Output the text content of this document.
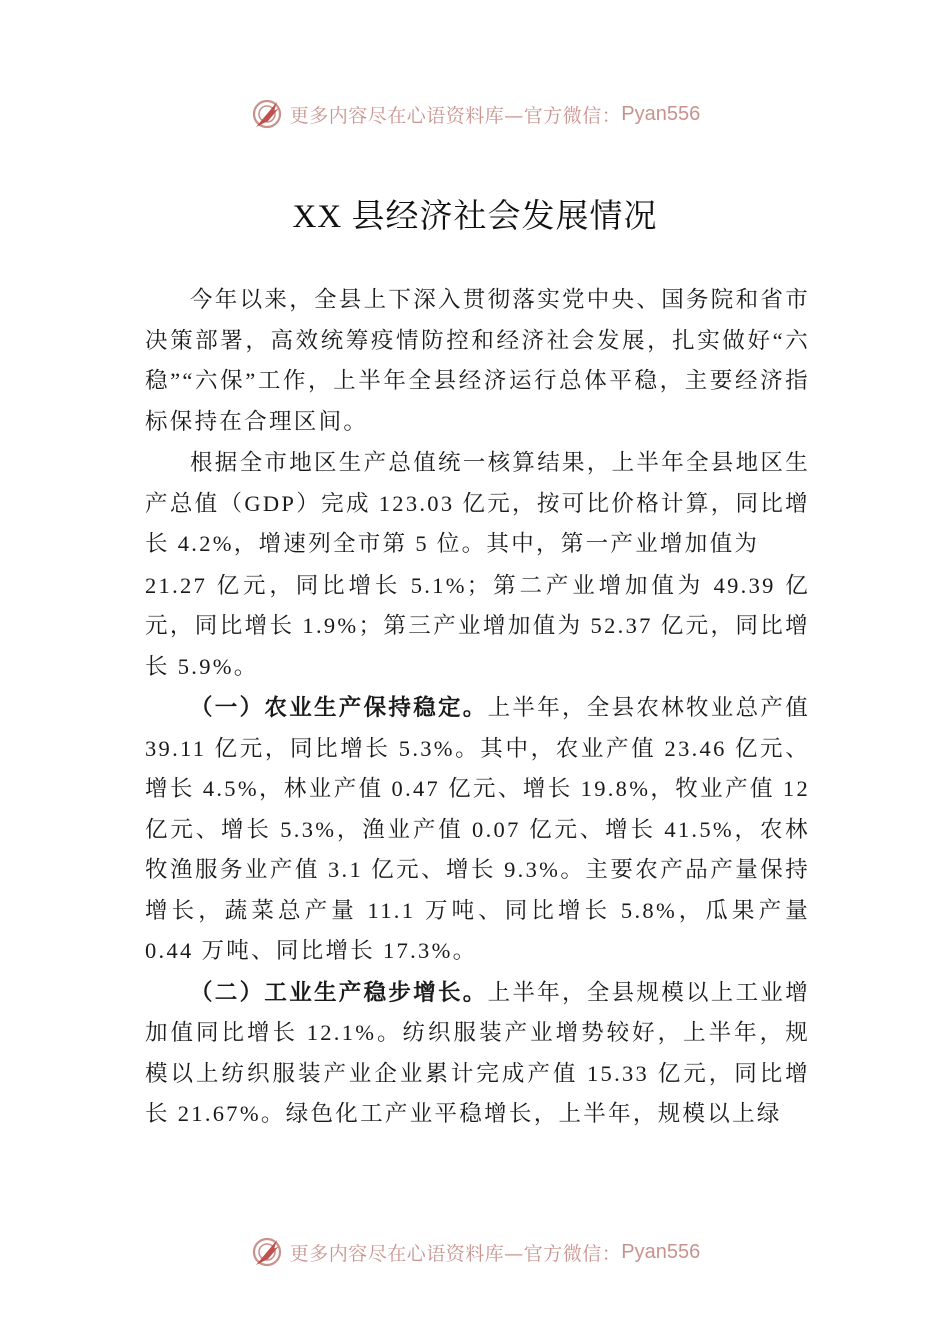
更多内容尽在心语资料库—官方微信： Pyan556
XX 县经济社会发展情况

今年以来，全县上下深入贯彻落实党中央、国务院和省市决策部署，高效统筹疫情防控和经济社会发展，扎实做好“六稳”“六保”工作，上半年全县经济运行总体平稳，主要经济指标保持在合理区间。

根据全市地区生产总值统一核算结果，上半年全县地区生产总值（GDP）完成 123.03 亿元，按可比价格计算，同比增长 4.2%，增速列全市第 5 位。其中，第一产业增加值为

21.27 亿元，同比增长 5.1%；第二产业增加值为 49.39 亿元，同比增长 1.9%；第三产业增加值为 52.37 亿元，同比增长 5.9%。

（一）农业生产保持稳定。上半年，全县农林牧业总产值 39.11 亿元，同比增长 5.3%。其中，农业产值 23.46 亿元、增长 4.5%，林业产值 0.47 亿元、增长 19.8%，牧业产值 12 亿元、增长 5.3%，渔业产值 0.07 亿元、增长 41.5%，农林牧渔服务业产值 3.1 亿元、增长 9.3%。主要农产品产量保持增长，蔬菜总产量 11.1 万吨、同比增长 5.8%，瓜果产量 0.44 万吨、同比增长 17.3%。

（二）工业生产稳步增长。上半年，全县规模以上工业增加值同比增长 12.1%。纺织服装产业增势较好，上半年，规模以上纺织服装产业企业累计完成产值 15.33 亿元，同比增长 21.67%。绿色化工产业平稳增长，上半年，规模以上绿

更多内容尽在心语资料库—官方微信： Pyan556
